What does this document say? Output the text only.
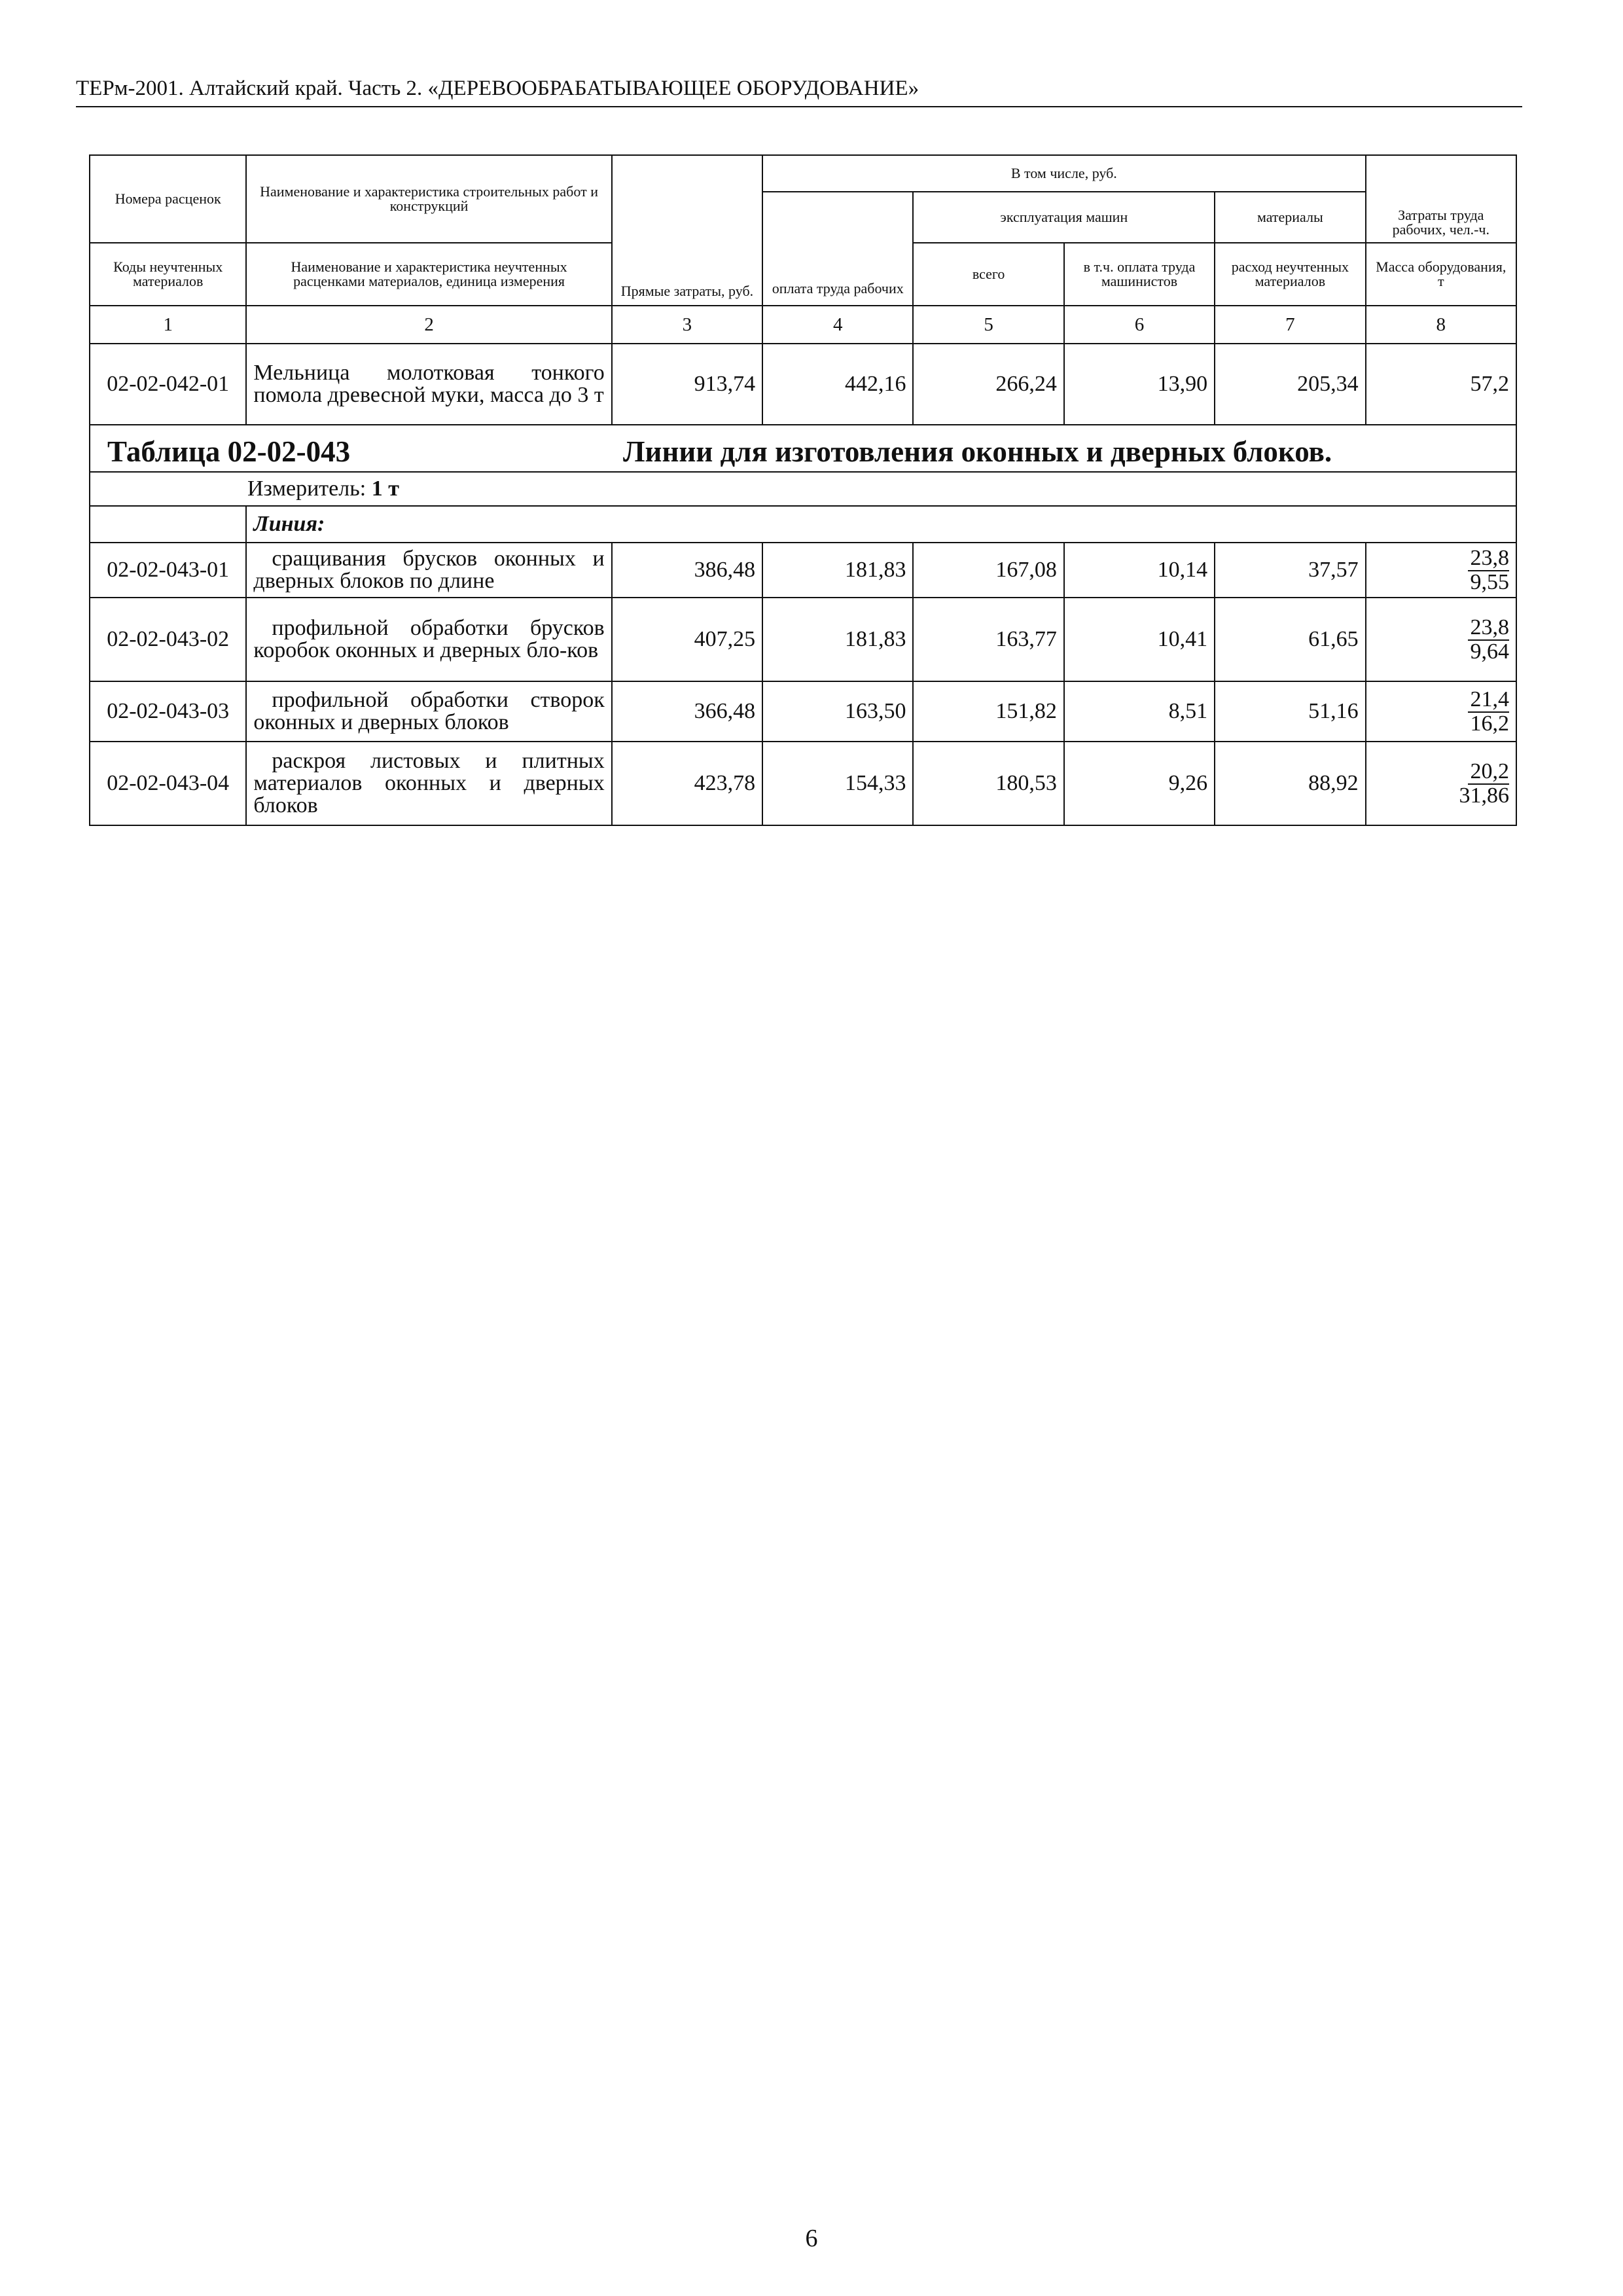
ТЕРм-2001. Алтайский край. Часть 2. «ДЕРЕВООБРАБАТЫВАЮЩЕЕ ОБОРУДОВАНИЕ»
Номера расценок	Наименование и характеристика строительных работ и конструкций	Прямые затраты, руб.	В том числе, руб.				Затраты труда рабочих, чел.-ч.
			оплата труда рабочих	эксплуатация машин		материалы	
Коды неучтенных материалов	Наименование и характеристика неучтенных расценками материалов, единица измерения			всего	в т.ч. оплата труда машинистов	расход неучтенных материалов	Масса оборудования, т
1	2	3	4	5	6	7	8
02-02-042-01	Мельница молотковая тонкого помола древесной муки, масса до 3 т	913,74	442,16	266,24	13,90	205,34	57,2

Таблица 02-02-043 Линии для изготовления оконных и дверных блоков.							

Измеритель: 1 т							
	Линия:						
02-02-043-01	сращивания брусков оконных и дверных блоков по длине	386,48	181,83	167,08	10,14	37,57	$\frac{23,8}{9,55}$

02-02-043-02	профильной обработки брусков коробок оконных и дверных бло-ков	407,25	181,83	163,77	10,41	61,65	$\frac{23,8}{9,64}$

02-02-043-03	профильной обработки створок оконных и дверных блоков	366,48	163,50	151,82	8,51	51,16	$\frac{21,4}{16,2}$

02-02-043-04	раскроя листовых и плитных материалов оконных и дверных блоков	423,78	154,33	180,53	9,26	88,92	$\frac{20,2}{31,86}$
6
